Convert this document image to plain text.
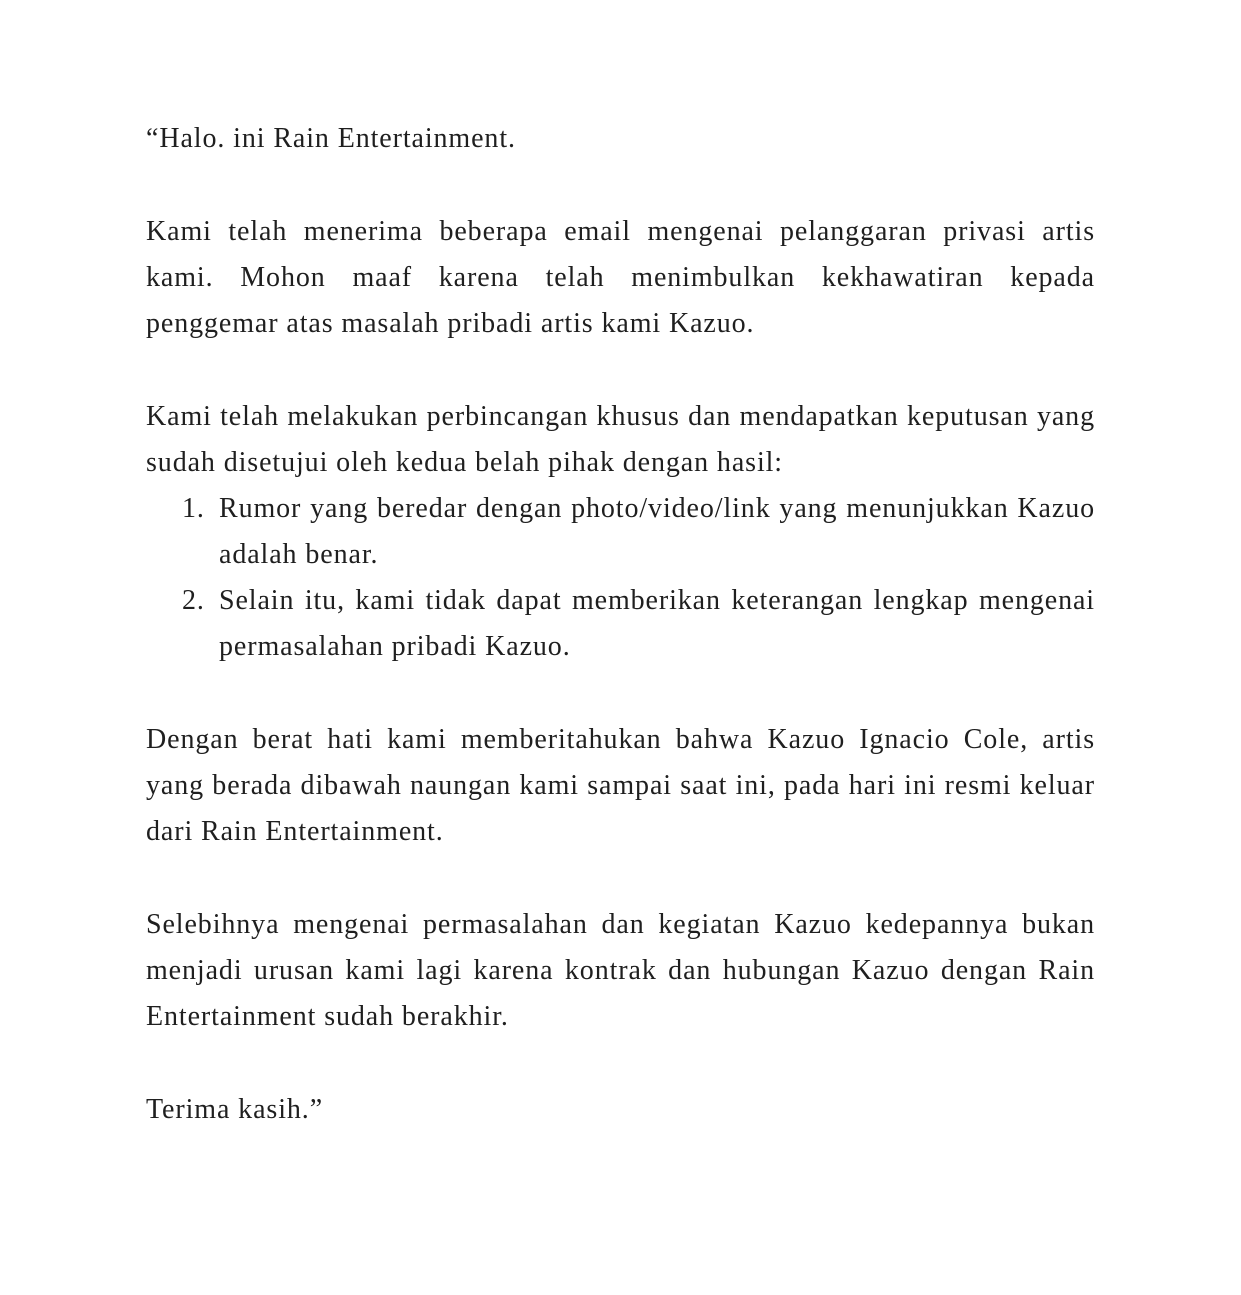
“Halo. ini Rain Entertainment.

Kami telah menerima beberapa email mengenai pelanggaran privasi artis kami. Mohon maaf karena telah menimbulkan kekhawatiran kepada penggemar atas masalah pribadi artis kami Kazuo.

Kami telah melakukan perbincangan khusus dan mendapatkan keputusan yang sudah disetujui oleh kedua belah pihak dengan hasil:

1. Rumor yang beredar dengan photo/video/link yang menunjukkan Kazuo adalah benar.
2. Selain itu, kami tidak dapat memberikan keterangan lengkap mengenai permasalahan pribadi Kazuo.

Dengan berat hati kami memberitahukan bahwa Kazuo Ignacio Cole, artis yang berada dibawah naungan kami sampai saat ini, pada hari ini resmi keluar dari Rain Entertainment.

Selebihnya mengenai permasalahan dan kegiatan Kazuo kedepannya bukan menjadi urusan kami lagi karena kontrak dan hubungan Kazuo dengan Rain Entertainment sudah berakhir.

Terima kasih.”
